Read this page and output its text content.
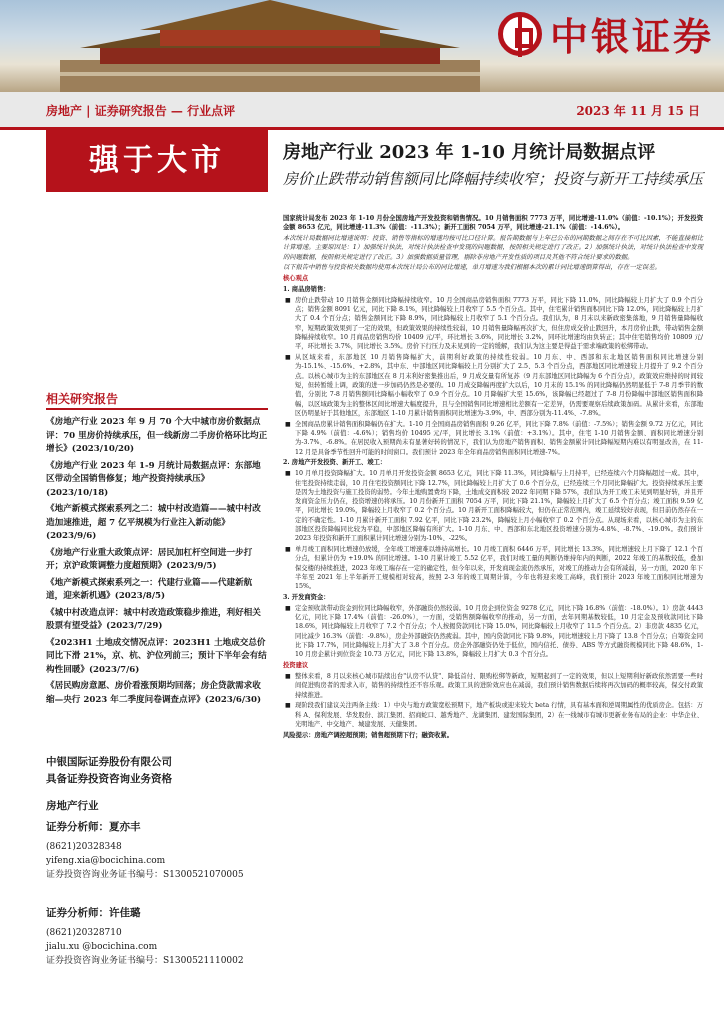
中银证券
房地产 | 证券研究报告 — 行业点评	2023 年 11 月 15 日
强于大市
相关研究报告
《房地产行业 2023 年 9 月 70 个大中城市房价数据点评：70 里房价持续承压，但一线新房二手房价格环比均正增长》(2023/10/20)
《房地产行业 2023 年 1-9 月统计局数据点评：东部地区带动全国销售修复；地产投资持续承压》(2023/10/18)
《地产新模式探索系列之二：城中村改造篇——城中村改造加速推进，超 7 亿平规模为行业注入新动能》(2023/9/6)
《房地产行业重大政策点评：居民加杠杆空间进一步打开；京沪政策调整力度超预期》(2023/9/5)
《地产新模式探索系列之一：代建行业篇——代建新航道，迎来新机遇》(2023/8/5)
《城中村改造点评：城中村改造政策稳步推进，利好相关股票有望受益》(2023/7/29)
《2023H1 土地成交情况点评：2023H1 土地成交总价同比下滑 21%，京、杭、沪位列前三；预计下半年会有结构性回暖》(2023/7/6)
《居民购房意愿、房价看涨预期均回落；房企贷款需求收缩—央行 2023 年二季度问卷调查点评》(2023/6/30)
中银国际证券股份有限公司
具备证券投资咨询业务资格
房地产行业
证券分析师：夏亦丰
(8621)20328348
yifeng.xia@bocichina.com
证券投资咨询业务证书编号：S1300521070005
证券分析师：许佳璐
(8621)20328710
jialu.xu @bocichina.com
证券投资咨询业务证书编号：S1300521110002
房地产行业 2023 年 1-10 月统计局数据点评
房价止跌带动销售额同比降幅持续收窄；投资与新开工持续承压

国家统计局发布 2023 年 1-10 月份全国房地产开发投资和销售情况。10 月销售面积 7773 万平，同比增速-11.0%（前值：-10.1%）；开发投资金额 8653 亿元，同比增速-11.3%（前值：-11.3%）；新开工面积 7054 万平，同比增速-21.1%（前值：-14.6%）。

本次统计局数据同比增速说明：投资、销售等指标的增速均按可比口径计算。报告期数据与上年已公布的同期数据之间存在不可比因素，不能直接相比计算增速。主要原因是：1）加强统计执法，对统计执法检查中发现的问题数据，按照相关规定进行了改正。2）加强统计执法，对统计执法检查中发现的问题数据，按照相关规定进行了改正。3）加强数据质量管理，剔除非房地产开发性质的项目及其他不符合统计要求的数据。

以下报告中销售与投资相关数据均使用本次统计局公布的同比增速，单月增速为我们根据本次的累计同比增速倒算得出，存在一定误差。

核心观点

1. 商品房销售：

■ 房价止跌带动 10 月销售金额同比降幅持续收窄。10 月全国商品房销售面积 7773 万平，同比下降 11.0%，同比降幅较上月扩大了 0.9 个百分点；销售金额 8091 亿元，同比下降 8.1%，同比降幅较上月收窄了 5.5 个百分点。其中，住宅累计销售面积同比下降 12.0%，同比降幅较上月扩大了 0.4 个百分点；销售金额同比下降 8.9%，同比降幅较上月收窄了 5.1 个百分点。我们认为，8 月末以来新政密集落地，9 月销售量降幅收窄，短期政策效果到了一定的效果，但政策效果的持续性较弱，10 月销售量降幅再次扩大，但住房成交价止跌回升，本月房价止跌，带动销售金额降幅持续收窄。10 月商品房销售均价 10409 元/平，环比增长 3.6%，同比增长 3.2%，同环比增速均由负转正；其中住宅销售均价 10809 元/平，环比增长 3.7%，同比增长 3.5%。房价下行压力及未见到的一定的缓解，我们认为这主要是得益于需求端政策的松绑带动。

■ 从区域来看，东部地区 10 月销售降幅扩大，前期利好政策的持续性较弱。10 月东、中、西部和东北地区销售面积同比增速分别为-15.1%、-15.6%、+2.8%，其中东、中部地区同比降幅较上月分别扩大了 2.5、5.3 个百分点，西部地区同比增速较上月提升了 9.2 个百分点。以核心城市为主的东部地区在 8 月末利好密集推出后，9 月成交量有所复苏（9 月东部地区同比降幅为 6 个百分点），政策效应维持的时间较短，但转暂缓上调，政策的进一步加码仍然是必要的。10 月成交降幅再度扩大以后，10 月末的 15.1% 的同比降幅仍然明显低于 7-8 月季节的数值，分别比 7-8 月销售额同比降幅小幅收窄了 0.9 个百分点。10 月降幅扩大至 15.6%，该降幅已经超过了 7-8 月份降幅中部地区销售面积降幅，以区域政策为主的整体区间比增速大幅度提升，且与全国销售同比增速相比差额有一定差异，仍需要观察后续政策加码。从累计来看，东部地区仍明显好于其他地区，东部地区 1-10 月累计销售面积同比增速为-3.9%，中、西部分别为-11.4%、-7.8%。

■ 全国商品房累计销售面积降幅仍在扩大。1-10 月全国商品房销售面积 9.26 亿平，同比下降 7.8%（前值：-7.5%）；销售金额 9.72 万亿元，同比下降 4.9%（前值：-4.6%）；销售均价 10495 元/平，同比增长 3.1%（前值：+3.1%）。其中，住宅 1-10 月销售金额、面积同比增速分别为-3.7%、-6.8%。在居民收入预期尚未有显著好转的情况下，我们认为房地产销售面积、销售金额累计同比降幅短期内难以有明显改善，在 11-12 月是具备季节性回升可能的时间窗口。我们预计 2023 年全年商品房销售面积同比增速-7%。

2. 房地产开发投资、新开工、竣工：

■ 10 月单月投资降幅扩大。10 月单月开发投资金额 8653 亿元，同比下降 11.3%，同比降幅与上月持平，已经连续六个月降幅超过一成。其中，住宅投资持续走弱，10 月住宅投资额同比下降 12.7%，同比降幅较上月扩大了 0.6 个百分点，已经连续三个月同比降幅扩大。投资持续承压主要是因为土地投资与施工投资的弱势。今年土地购置费均下降，土地成交面积较 2022 年同期下降 57%，我们认为开工竣工未见到明显好转，并且开发商资金压力仍在，投资增速仍将承压。10 月份新开工面积 7054 万平，同比下降 21.1%，降幅较上月扩大了 6.5 个百分点；竣工面积 9.59 亿平，同比增长 19.0%，降幅较上月收窄了 0.2 个百分点。10 月新开工面积降幅较大，但仍在正常范围内，竣工延续较好表现，但目前仍然存在一定的不确定性。1-10 月累计新开工面积 7.92 亿平，同比下降 23.2%，降幅较上月小幅收窄了 0.2 个百分点。从现场来看，以核心城市为主的东部地区投资降幅同比较为平稳，中部地区降幅有所扩大。1-10 月东、中、西部和东北地区投资增速分别为-4.8%、-8.7%、-19.0%。我们预计 2023 年投资和新开工面积累计同比增速分别为-10%、-22%。

■ 单月竣工面积同比增速仍放缓，全年竣工增速难以维持高增长。10 月竣工面积 6446 万平，同比增长 13.3%，同比增速较上月下降了 12.1 个百分点，但累计仍为 +19.0% 的同比增速。1-10 月累计竣工 5.52 亿平，我们对竣工量的判断仍维持年内的判断，2022 年竣工的基数较低，叠加保交楼的持续推进，2023 年竣工端存在一定的确定性，但今年以来，开发商现金流仍然承压，对竣工的推动力会有所减弱，另一方面，2020 年下半年至 2021 年上半年新开工规模相对较高，按照 2-3 年的竣工周期计算，今年也将迎来竣工高峰，我们预计 2023 年竣工面积同比增速为 15%。

3. 开发商资金：

■ 定金预收款带动资金到位同比降幅收窄，外部融资仍然较弱。10 月房企到位资金 9278 亿元，同比下降 16.8%（前值：-18.0%）。1）房款 4443 亿元，同比下降 17.4%（前值：-26.0%），一方面，受销售额降幅收窄的推动，另一方面，去年同期基数较低，10 月定金及预收款同比下降 18.6%，同比降幅较上月收窄了 7.2 个百分点；个人按揭贷款同比下降 15.0%，同比降幅较上月收窄了 11.5 个百分点。2）非房款 4835 亿元，同比减少 16.3%（前值：-9.8%），房企外部融资仍然疲弱。其中，国内贷款同比下降 9.8%，同比增速较上月下降了 13.8 个百分点；自筹资金同比下降 17.7%，同比降幅较上月扩大了 3.8 个百分点。房企外部融资仍处于低位，国内信托、债券、ABS 等方式融资规模同比下降 48.6%，1-10 月房企累计到位资金 10.73 万亿元，同比下降 13.8%，降幅较上月扩大 0.3 个百分点。

投资建议

■ 整体来看，8 月以来核心城市陆续出台"认房不认贷"、降低首付、限购松绑等新政，短期起到了一定的效果，但以上短期利好新政依然需要一些时间促进购房者的需求入市，销售的持续性还不容乐观。政策工具的进阶效应也在减弱，我们预计销售数据后续将再次加码的概率较高，保交付政策持续推进。

■ 现阶段我们建议关注两条主线：1）中央与地方政策宽松预期下，地产板块或迎来较大 beta 行情，具有基本面和逆周期属性的优质房企。包括：万科 A、保利发展、华发股份、滨江集团、招商蛇口、越秀地产、龙湖集团、建发国际集团，2）在一线城市有城市更新业务布局的企业：中华企业、光明地产、中交地产、城建发展、天健集团。

风险提示：房地产调控超预期；销售超预期下行；融资收紧。
